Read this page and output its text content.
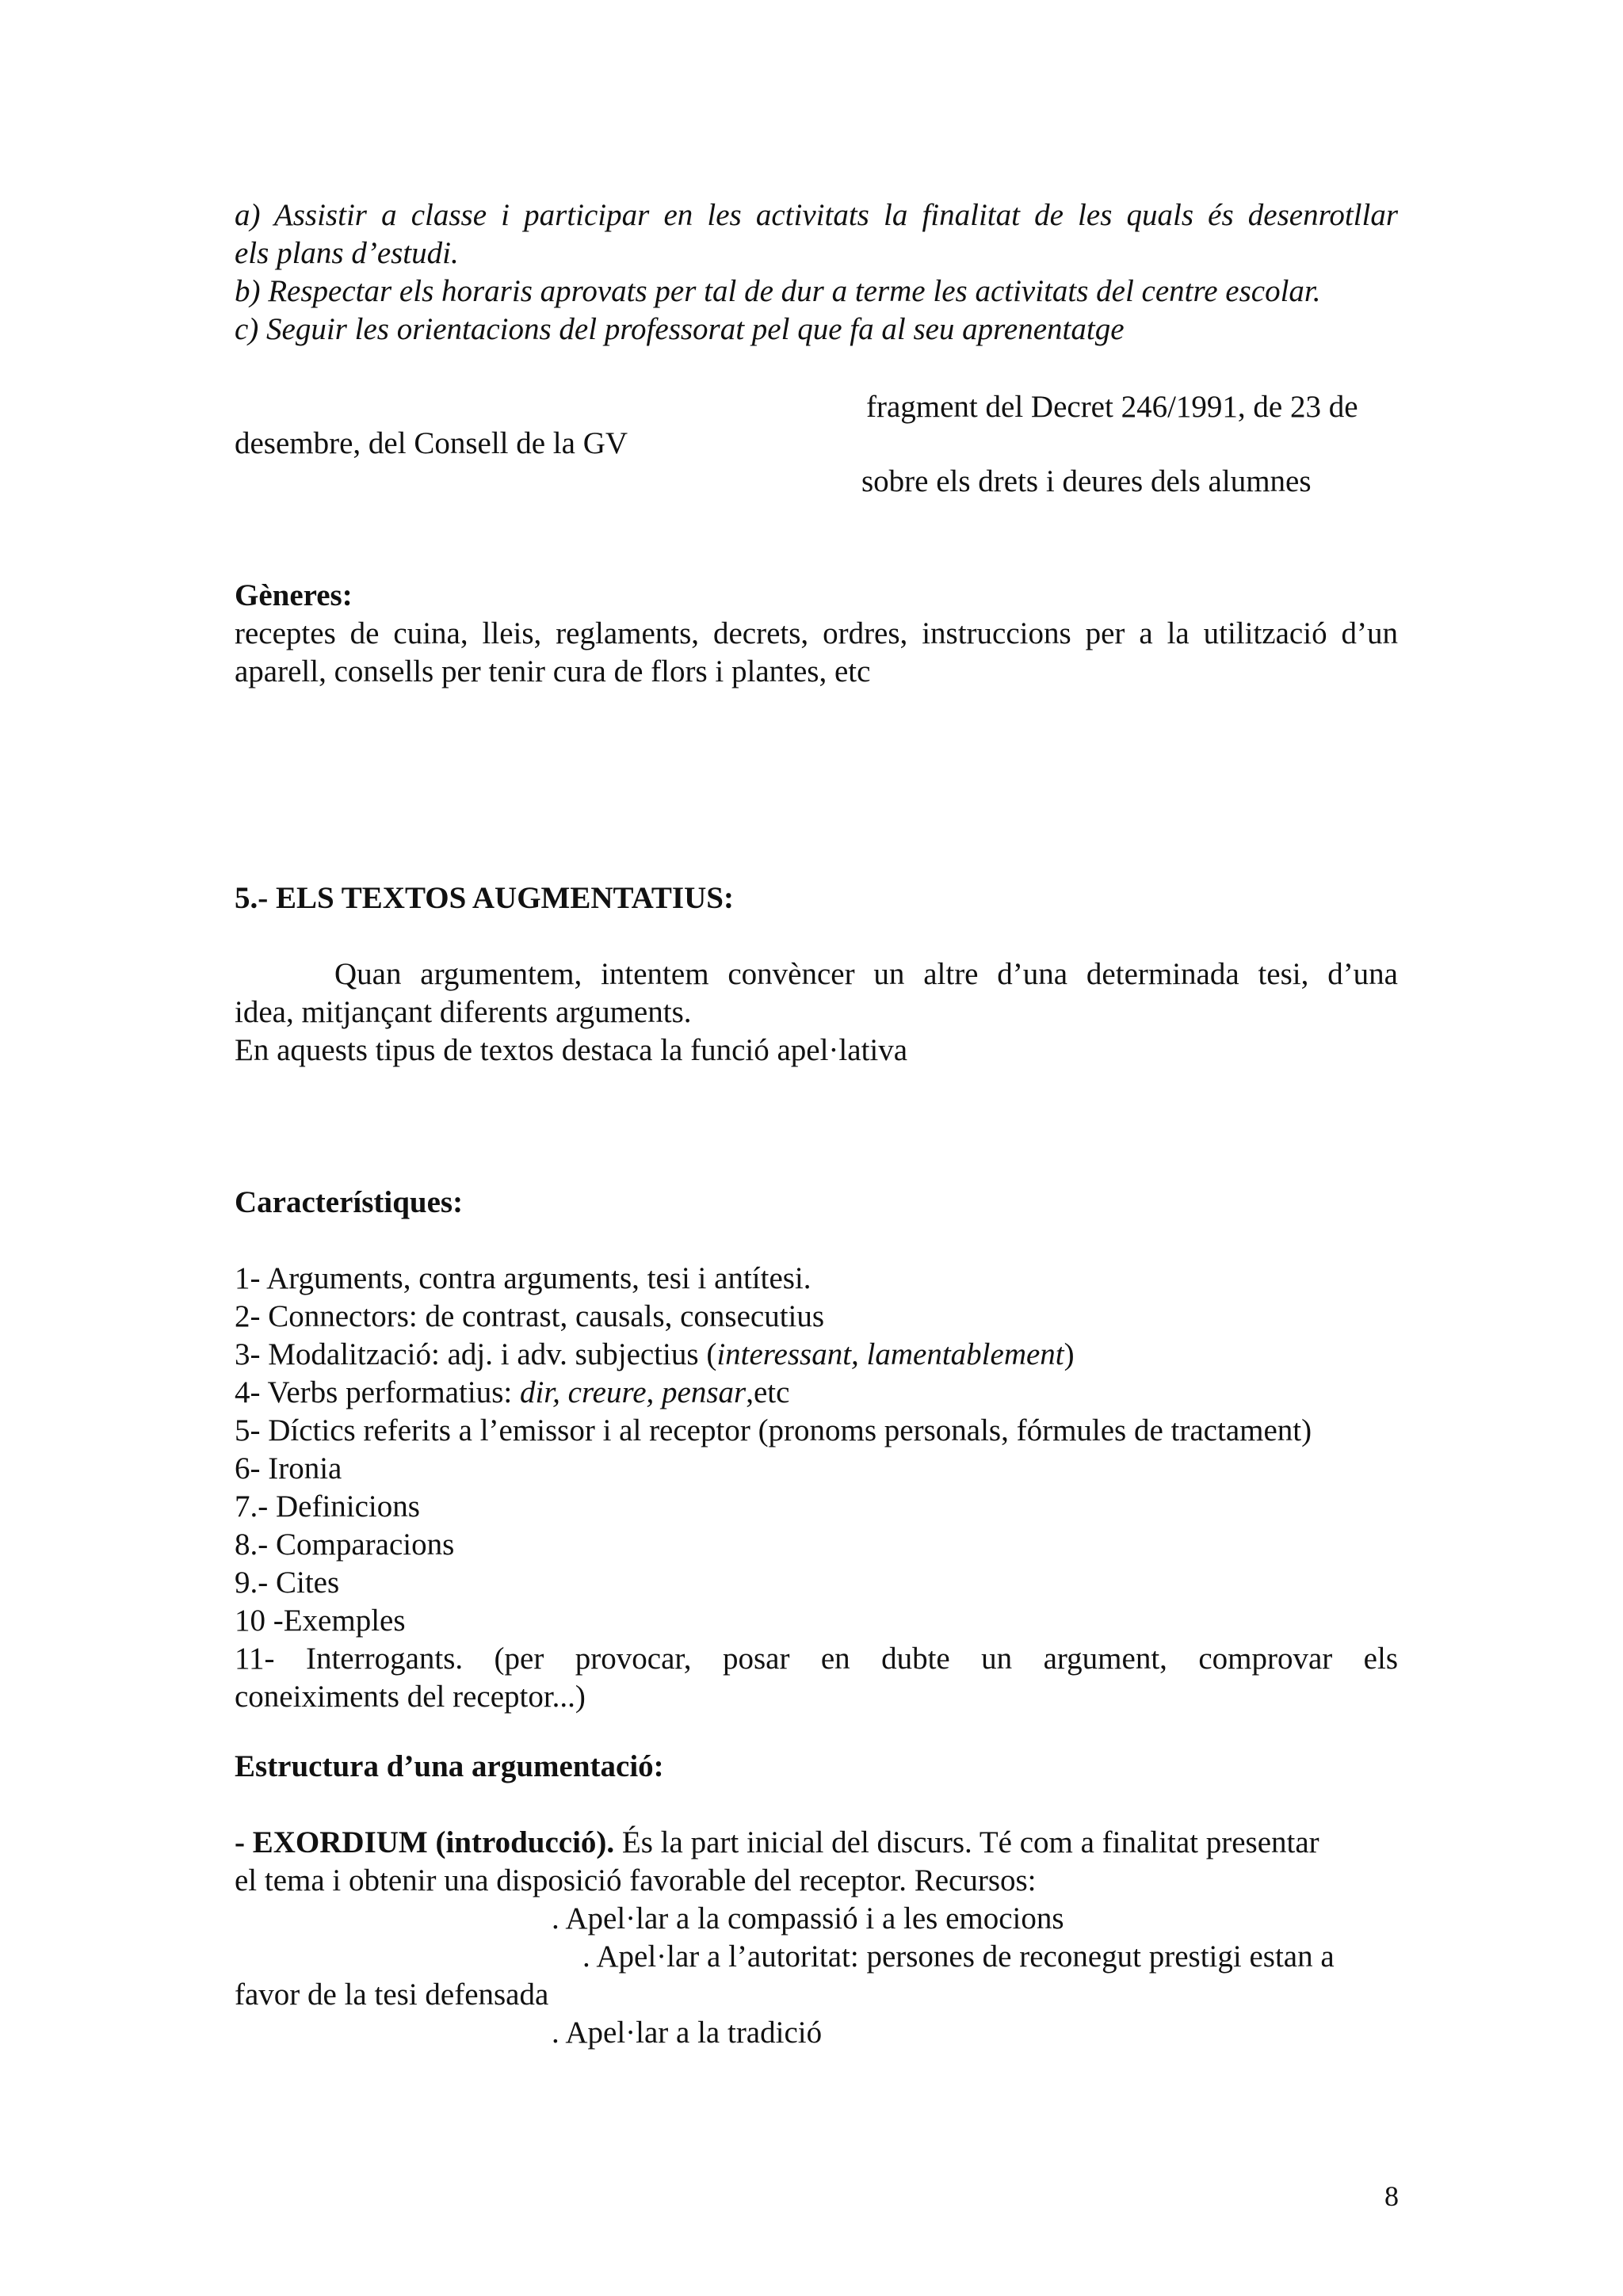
a) Assistir a classe i participar en les activitats la finalitat de les quals és desenrotllar
els plans d’estudi.
b) Respectar els horaris aprovats per tal de dur a terme les activitats del centre escolar.
c) Seguir les orientacions del professorat pel que fa al seu aprenentatge
fragment del Decret 246/1991, de 23 de
desembre, del Consell de la GV
sobre els drets i deures dels alumnes
Gèneres:
receptes de cuina, lleis, reglaments, decrets, ordres, instruccions per a la utilització d’un
aparell, consells per tenir cura de flors i plantes, etc
5.- ELS TEXTOS AUGMENTATIUS:
Quan argumentem, intentem convèncer un altre d’una determinada tesi, d’una
idea, mitjançant diferents arguments.
En aquests tipus de textos destaca la funció apel·lativa
Característiques:
1- Arguments, contra arguments, tesi i antítesi.
2- Connectors: de contrast, causals, consecutius
3- Modalització: adj. i adv. subjectius (interessant, lamentablement)
4- Verbs performatius: dir, creure, pensar,etc
5- Díctics referits a l’emissor i al receptor (pronoms personals, fórmules de tractament)
6- Ironia
7.- Definicions
8.- Comparacions
9.- Cites
10 -Exemples
11- Interrogants. (per provocar, posar en dubte un argument, comprovar els
coneiximents del receptor...)
Estructura d’una argumentació:
- EXORDIUM (introducció). És la part inicial del discurs. Té com a finalitat presentar
el tema i obtenir una disposició favorable del receptor. Recursos:
. Apel·lar a la compassió i a les emocions
. Apel·lar a l’autoritat: persones de reconegut prestigi estan a
favor de la tesi defensada
. Apel·lar a la tradició
8
